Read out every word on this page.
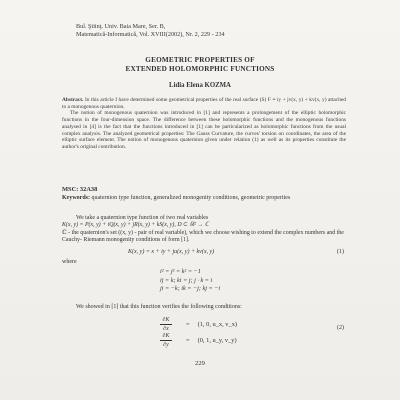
Bul. Ştiinţ. Univ. Baia Mare, Ser. B,
Matematică-Informatică, Vol. XVIII(2002), Nr. 2, 229 - 234
GEOMETRIC PROPERTIES OF
EXTENDED HOLOMORPHIC FUNCTIONS
Lidia Elena KOZMA
Abstract. In this article I have determined some geometrical properties of the real surface (S) F ≡ iy + jv(x, y) + kv(x, y) attached to a monogenous quaternion.
The notion of monogenous quaternion was introduced in [1] and represents a prolongement of the elliptic holomorphic functions in the four-dimension space. The difference between these holomorphic functions and the monogenous functions analysed in [4] is the fact that the functions introduced in [1] can be particularized as holomorphic functions from the usual complex analysis. The analyzed geometrical properties: The Gauss Curvature, the curves' torsion on coordinates, the area of the elliptic surface element. The notion of monogenous quaternion given under relation (1) as well as its properties constitute the author's original contribution.
MSC: 32A38
Keywords: quaternion type function, generalized monogenity conditions, geometric properties
We take a quaternion type function of two real variables
K(x, y) = P(x, y) + iQ(x, y) + jR(x, y) + kS(x, y), D ⊂ ℝ² → ℂ
ℂ - the quaternion's set ((x, y) - pair of real variable), which we choose wishing to extend the complex numbers and the Cauchy- Riemann monogenity conditions of form [1].
K(x, y) = x + iy + ju(x, y) + kv(x, y)	(1)
where
i² = j² = k² = −1
ij = k; ki = j; j · k = i
ji = −k; ik = −j; kj = −i
We showed in [1] that this function verifies the following conditions:
$\frac{\partial K}{\partial x} = (1$, 0, u_x, v_x)
(2)
$\frac{\partial K}{\partial y} = (0$, 1, u_y, v_y)
229
